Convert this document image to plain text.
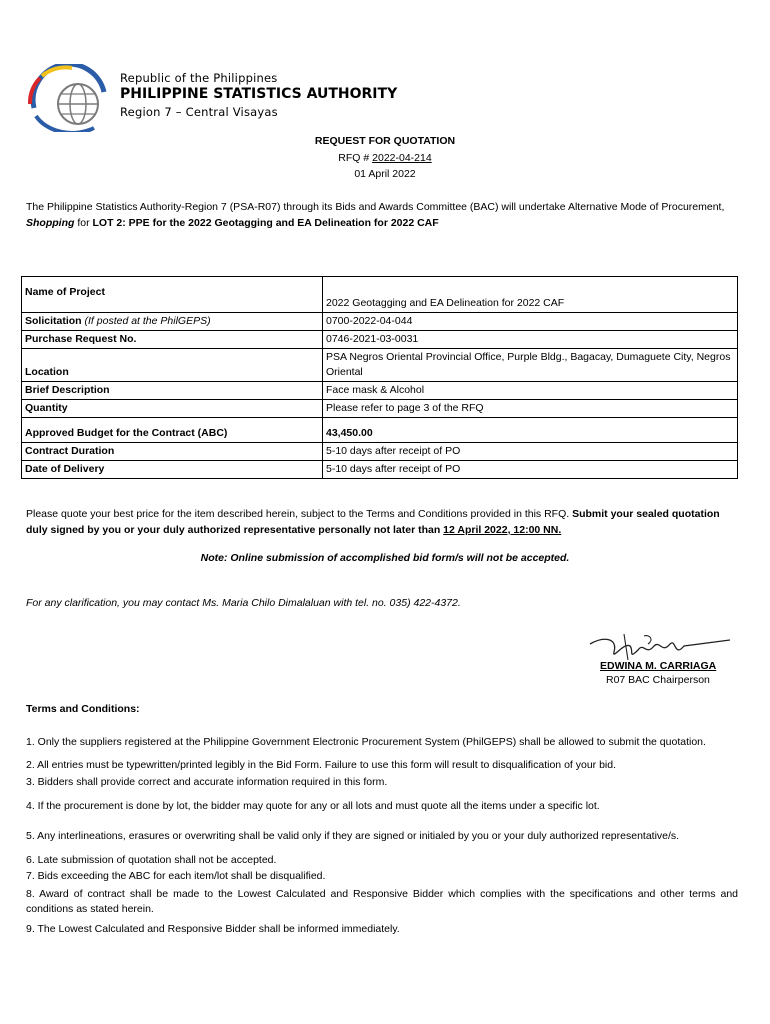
Republic of the Philippines
PHILIPPINE STATISTICS AUTHORITY
Region 7 – Central Visayas
REQUEST FOR QUOTATION
RFQ # 2022-04-214
01 April 2022
The Philippine Statistics Authority-Region 7 (PSA-R07) through its Bids and Awards Committee (BAC) will undertake Alternative Mode of Procurement,
Shopping for LOT 2: PPE for the 2022 Geotagging and EA Delineation for 2022 CAF
Name of Project	2022 Geotagging and EA Delineation for 2022 CAF
Solicitation (If posted at the PhilGEPS)	0700-2022-04-044
Purchase Request No.	0746-2021-03-0031
Location	PSA Negros Oriental Provincial Office, Purple Bldg., Bagacay, Dumaguete City, Negros Oriental
Brief Description	Face mask & Alcohol
Quantity	Please refer to page 3 of the RFQ
Approved Budget for the Contract (ABC)	43,450.00
Contract Duration	5-10 days after receipt of PO
Date of Delivery	5-10 days after receipt of PO
Please quote your best price for the item described herein, subject to the Terms and Conditions provided in this RFQ. Submit your sealed quotation duly signed by you or your duly authorized representative personally not later than 12 April 2022, 12:00 NN.
Note: Online submission of accomplished bid form/s will not be accepted.
For any clarification, you may contact Ms. Maria Chilo Dimalaluan with tel. no. 035) 422-4372.
EDWINA M. CARRIAGA
R07 BAC Chairperson
Terms and Conditions:
1. Only the suppliers registered at the Philippine Government Electronic Procurement System (PhilGEPS) shall be allowed to submit the quotation.
2. All entries must be typewritten/printed legibly in the Bid Form. Failure to use this form will result to disqualification of your bid.
3. Bidders shall provide correct and accurate information required in this form.
4. If the procurement is done by lot, the bidder may quote for any or all lots and must quote all the items under a specific lot.
5. Any interlineations, erasures or overwriting shall be valid only if they are signed or initialed by you or your duly authorized representative/s.
6. Late submission of quotation shall not be accepted.
7. Bids exceeding the ABC for each item/lot shall be disqualified.
8. Award of contract shall be made to the Lowest Calculated and Responsive Bidder which complies with the specifications and other terms and conditions as stated herein.
9. The Lowest Calculated and Responsive Bidder shall be informed immediately.
